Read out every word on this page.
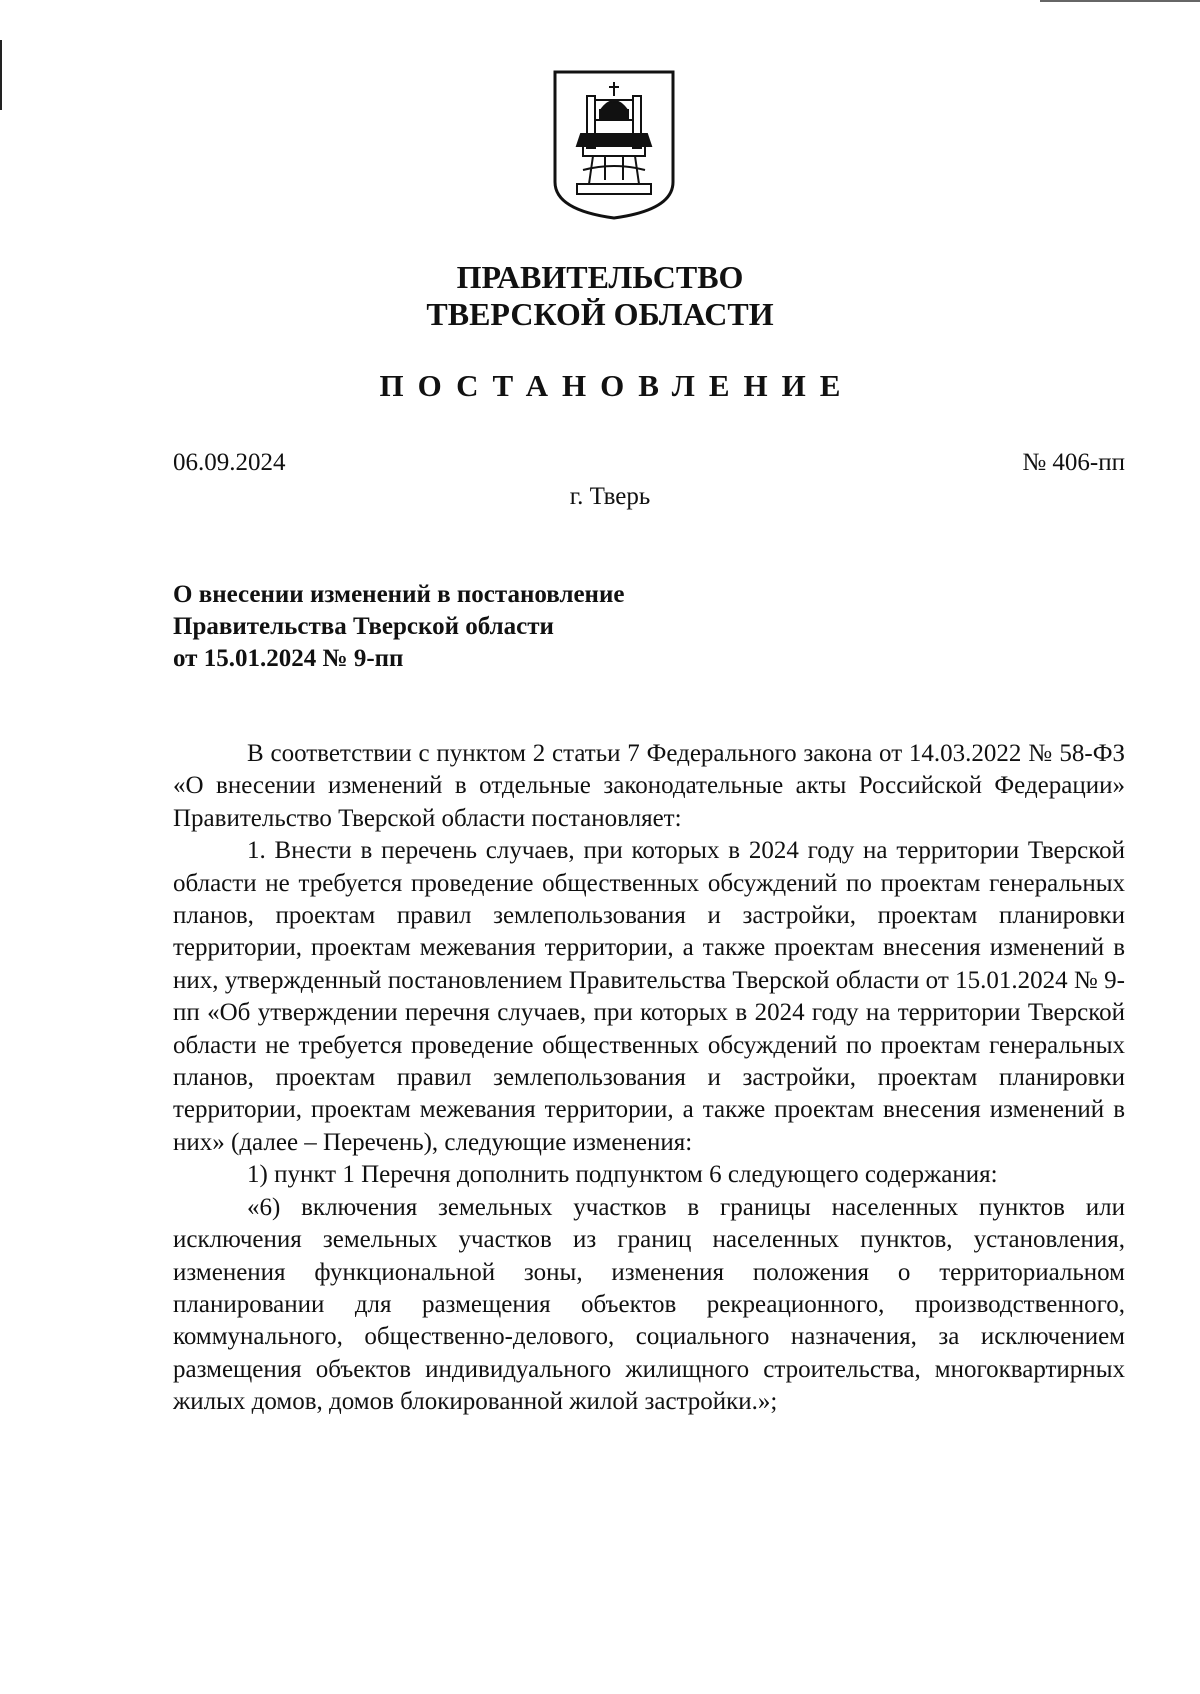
ПРАВИТЕЛЬСТВО
ТВЕРСКОЙ ОБЛАСТИ
ПОСТАНОВЛЕНИЕ
06.09.2024	№ 406-пп
г. Тверь
О внесении изменений в постановление
Правительства Тверской области
от 15.01.2024 № 9-пп

В соответствии с пунктом 2 статьи 7 Федерального закона от 14.03.2022 № 58-ФЗ «О внесении изменений в отдельные законодательные акты Российской Федерации» Правительство Тверской области постановляет:

1. Внести в перечень случаев, при которых в 2024 году на территории Тверской области не требуется проведение общественных обсуждений по проектам генеральных планов, проектам правил землепользования и застройки, проектам планировки территории, проектам межевания территории, а также проектам внесения изменений в них, утвержденный постановлением Правительства Тверской области от 15.01.2024 № 9-пп «Об утверждении перечня случаев, при которых в 2024 году на территории Тверской области не требуется проведение общественных обсуждений по проектам генеральных планов, проектам правил землепользования и застройки, проектам планировки территории, проектам межевания территории, а также проектам внесения изменений в них» (далее – Перечень), следующие изменения:

1) пункт 1 Перечня дополнить подпунктом 6 следующего содержания:

«6) включения земельных участков в границы населенных пунктов или исключения земельных участков из границ населенных пунктов, установления, изменения функциональной зоны, изменения положения о территориальном планировании для размещения объектов рекреационного, производственного, коммунального, общественно-делового, социального назначения, за исключением размещения объектов индивидуального жилищного строительства, многоквартирных жилых домов, домов блокированной жилой застройки.»;
